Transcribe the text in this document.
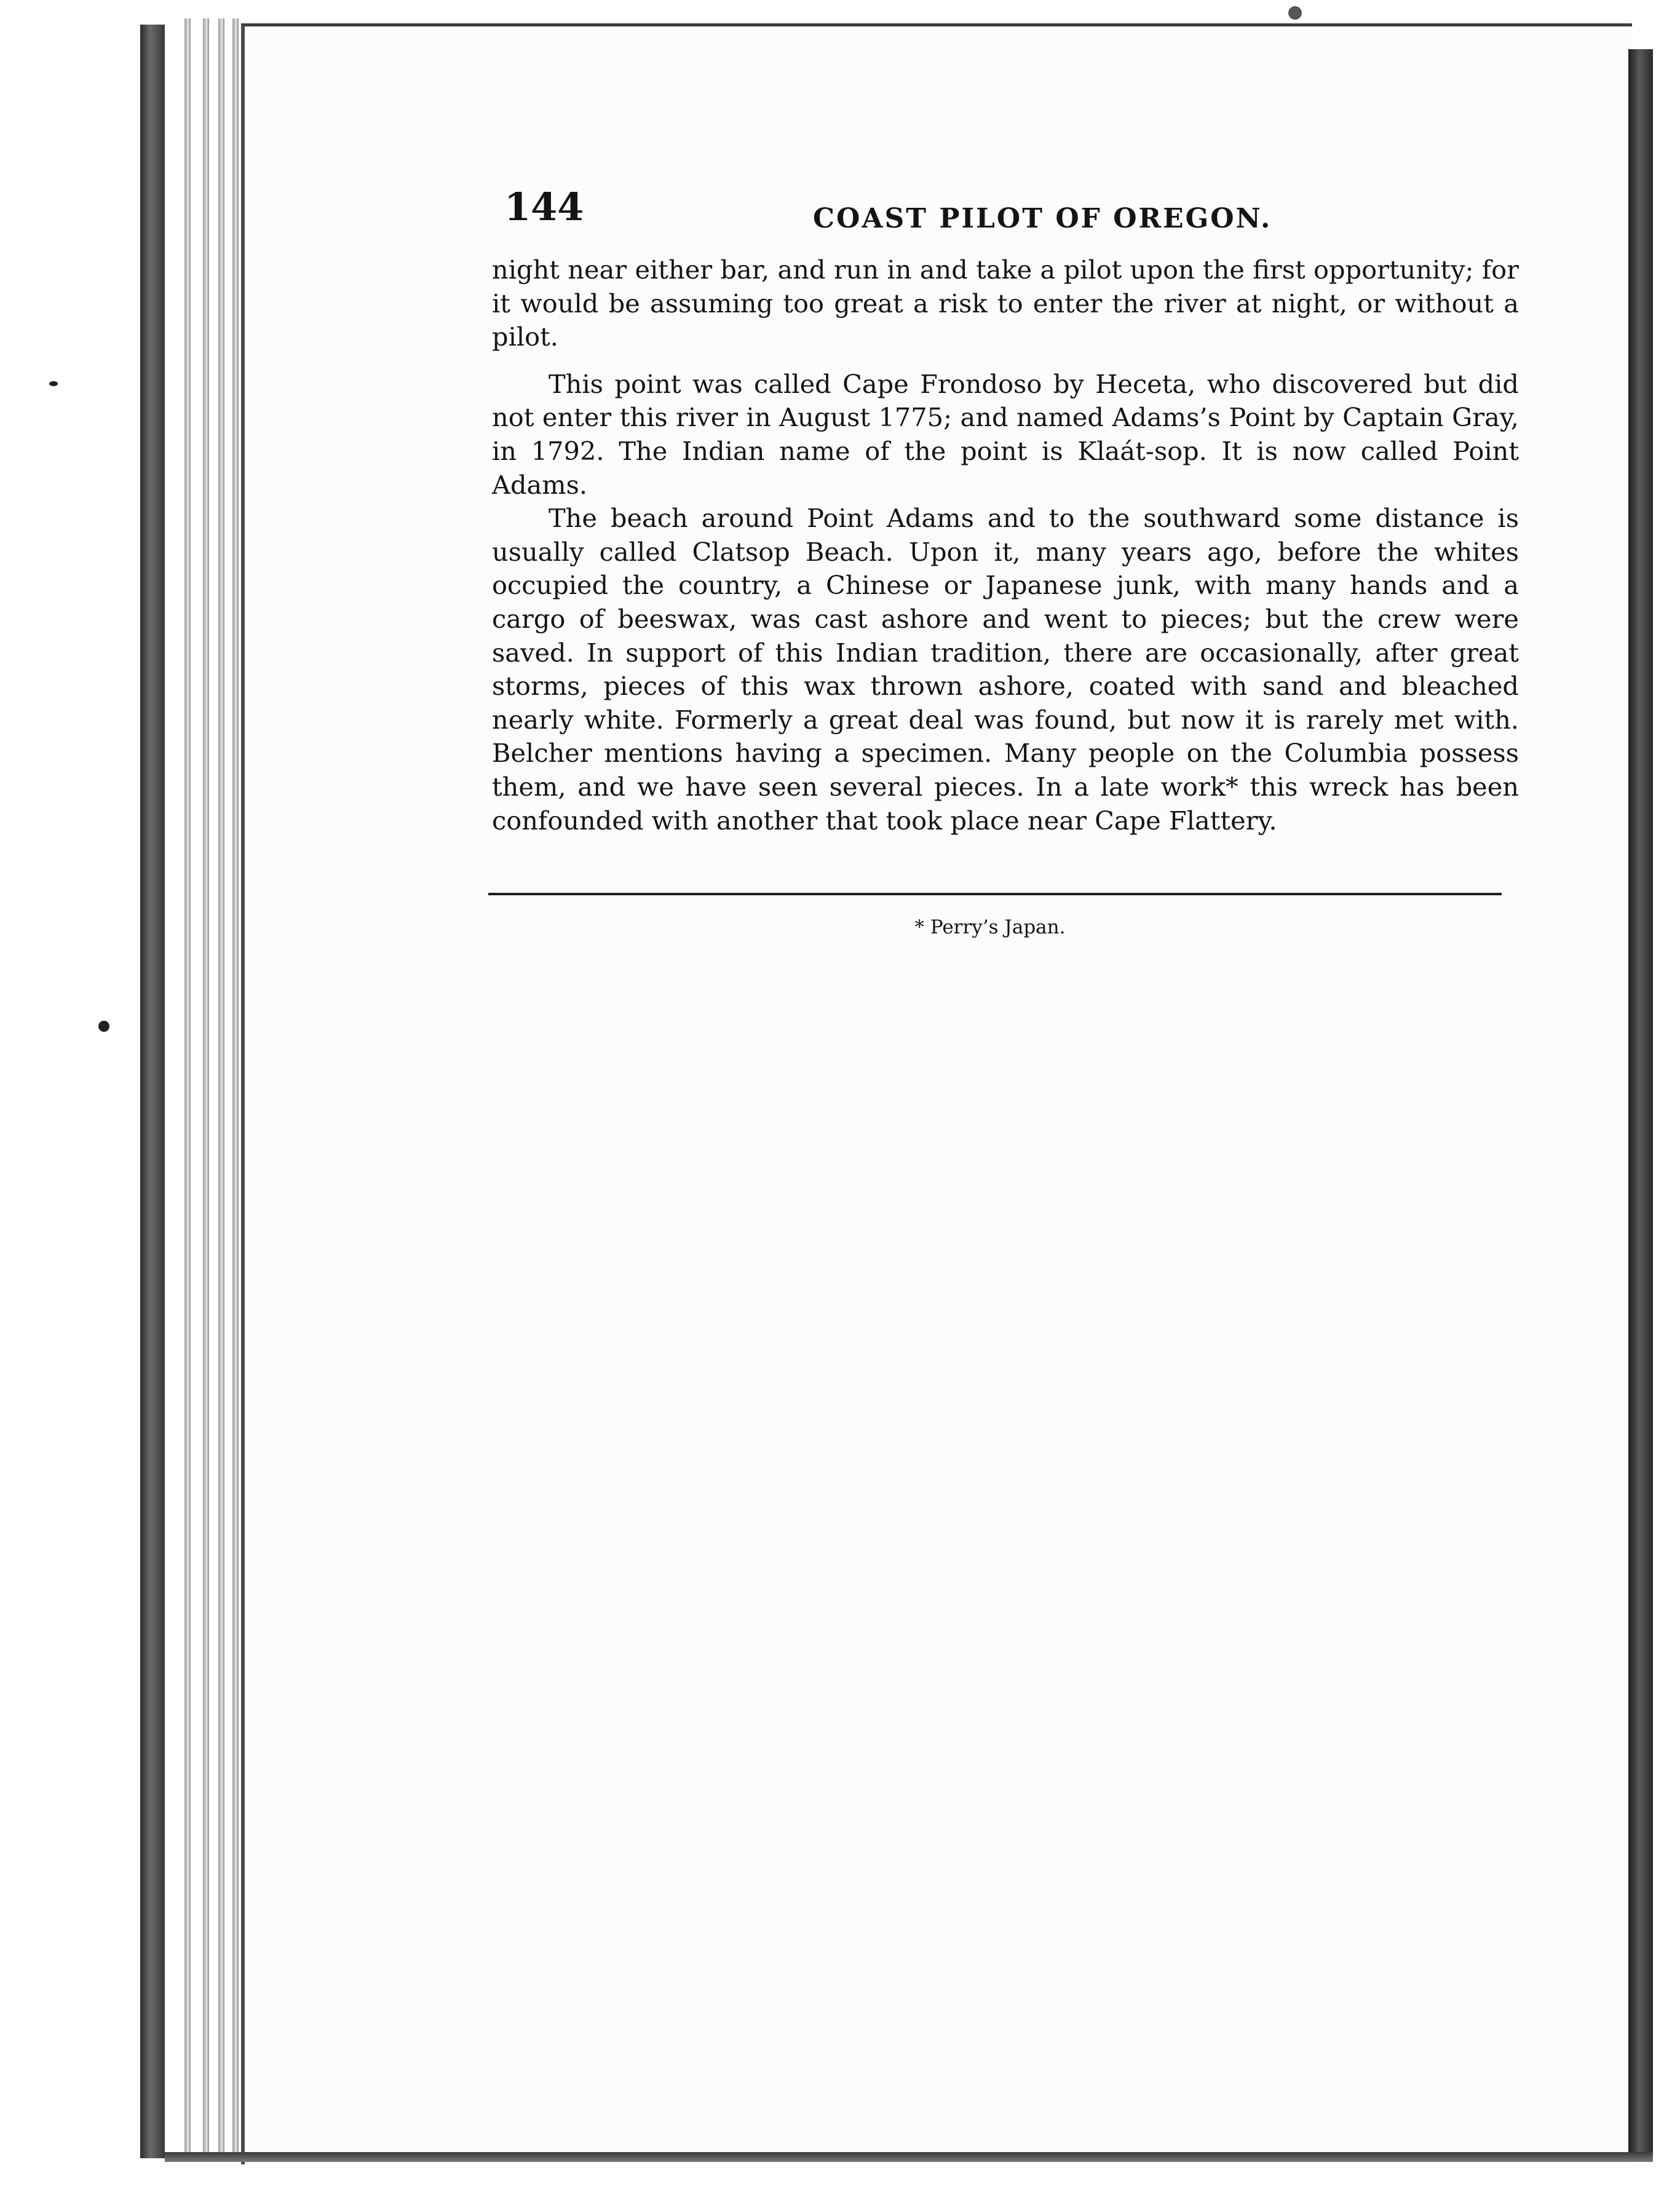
144	COAST PILOT OF OREGON.

night near either bar, and run in and take a pilot upon the first opportunity; for it would be assuming too great a risk to enter the river at night, or without a pilot.

This point was called Cape Frondoso by Heceta, who discovered but did not enter this river in August 1775; and named Adams’s Point by Captain Gray, in 1792. The Indian name of the point is Klaát-sop. It is now called Point Adams.

The beach around Point Adams and to the southward some distance is usually called Clatsop Beach. Upon it, many years ago, before the whites occupied the country, a Chinese or Japanese junk, with many hands and a cargo of beeswax, was cast ashore and went to pieces; but the crew were saved. In support of this Indian tradition, there are occasionally, after great storms, pieces of this wax thrown ashore, coated with sand and bleached nearly white. Formerly a great deal was found, but now it is rarely met with. Belcher mentions having a specimen. Many people on the Columbia possess them, and we have seen several pieces. In a late work* this wreck has been confounded with another that took place near Cape Flattery.

* Perry’s Japan.
